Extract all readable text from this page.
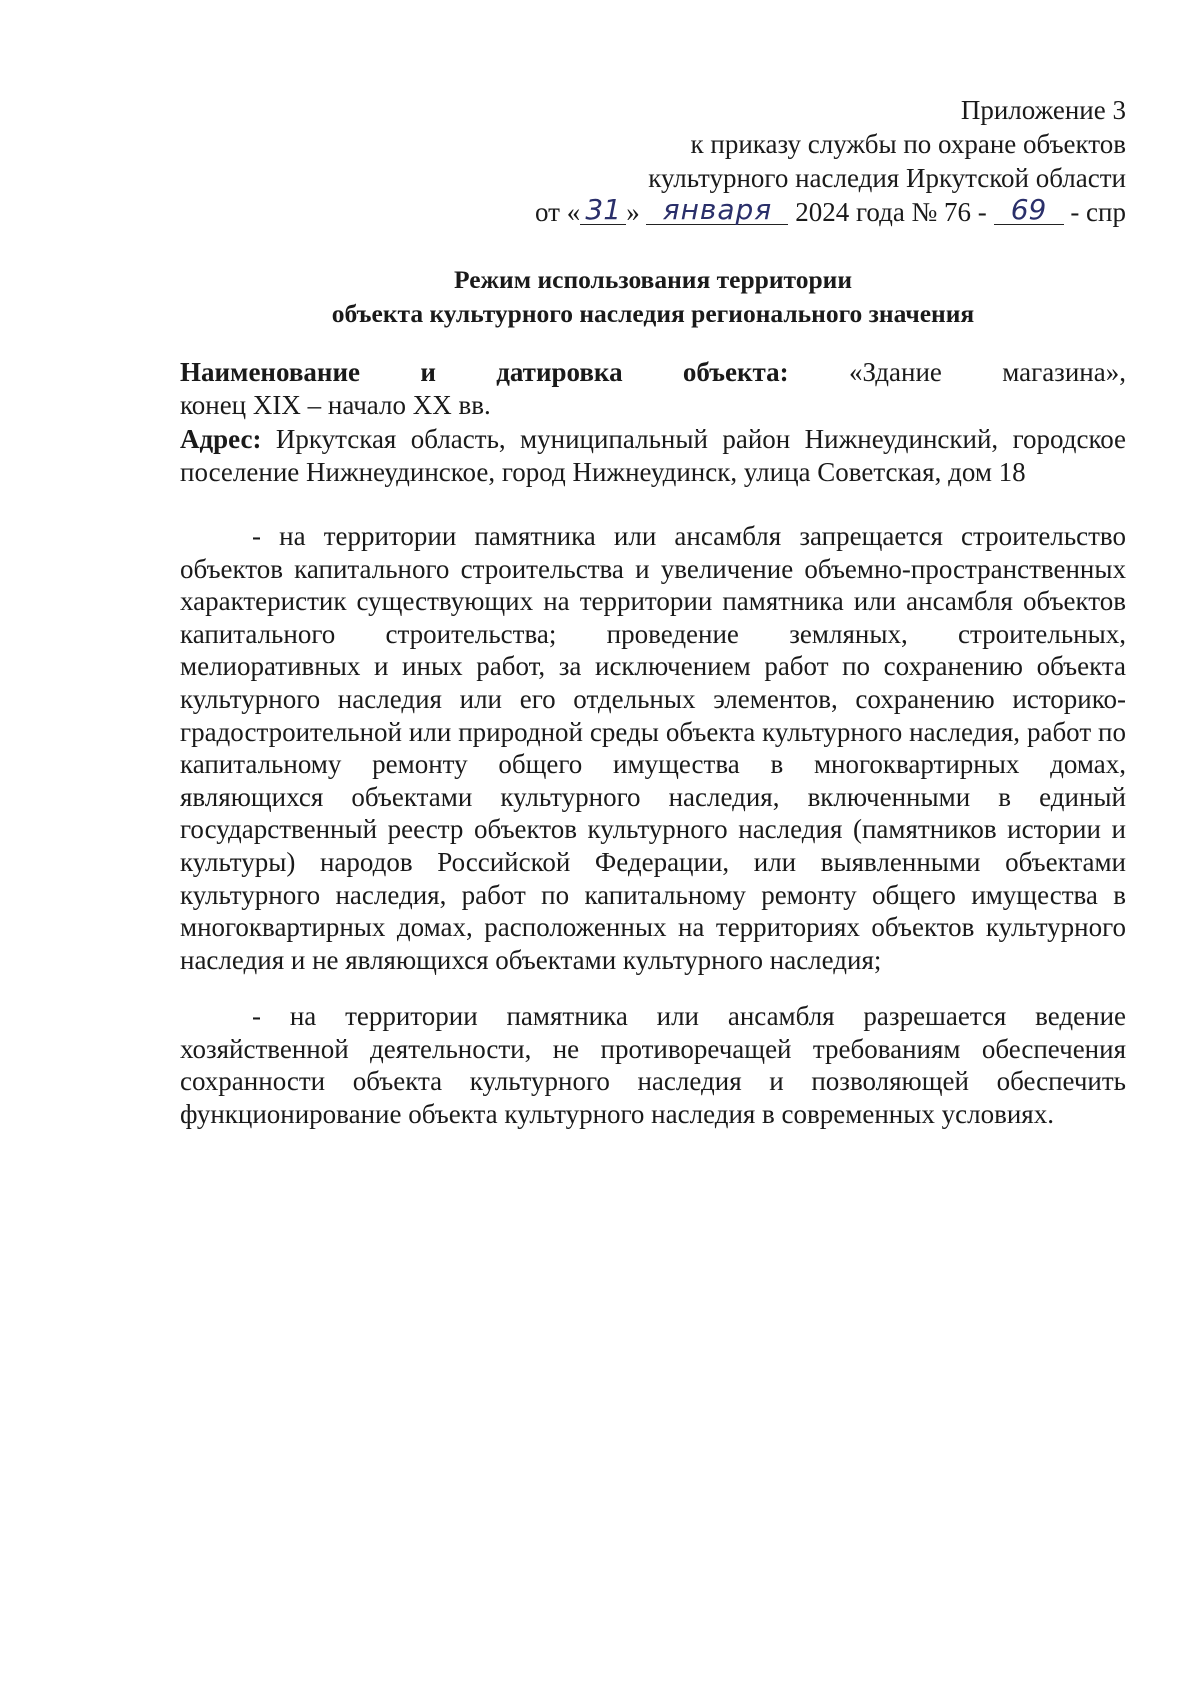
Приложение 3
к приказу службы по охране объектов
культурного наследия Иркутской области
от « 31 » января 2024 года № 76 - 69 - спр
Режим использования территории
объекта культурного наследия регионального значения
Наименование и датировка объекта: «Здание магазина»,
конец XIX – начало XX вв.
Адрес: Иркутская область, муниципальный район Нижнеудинский, городское поселение Нижнеудинское, город Нижнеудинск, улица Советская, дом 18
- на территории памятника или ансамбля запрещается строительство объектов капитального строительства и увеличение объемно-пространственных характеристик существующих на территории памятника или ансамбля объектов капитального строительства; проведение земляных, строительных, мелиоративных и иных работ, за исключением работ по сохранению объекта культурного наследия или его отдельных элементов, сохранению историко-градостроительной или природной среды объекта культурного наследия, работ по капитальному ремонту общего имущества в многоквартирных домах, являющихся объектами культурного наследия, включенными в единый государственный реестр объектов культурного наследия (памятников истории и культуры) народов Российской Федерации, или выявленными объектами культурного наследия, работ по капитальному ремонту общего имущества в многоквартирных домах, расположенных на территориях объектов культурного наследия и не являющихся объектами культурного наследия;
- на территории памятника или ансамбля разрешается ведение хозяйственной деятельности, не противоречащей требованиям обеспечения сохранности объекта культурного наследия и позволяющей обеспечить функционирование объекта культурного наследия в современных условиях.
